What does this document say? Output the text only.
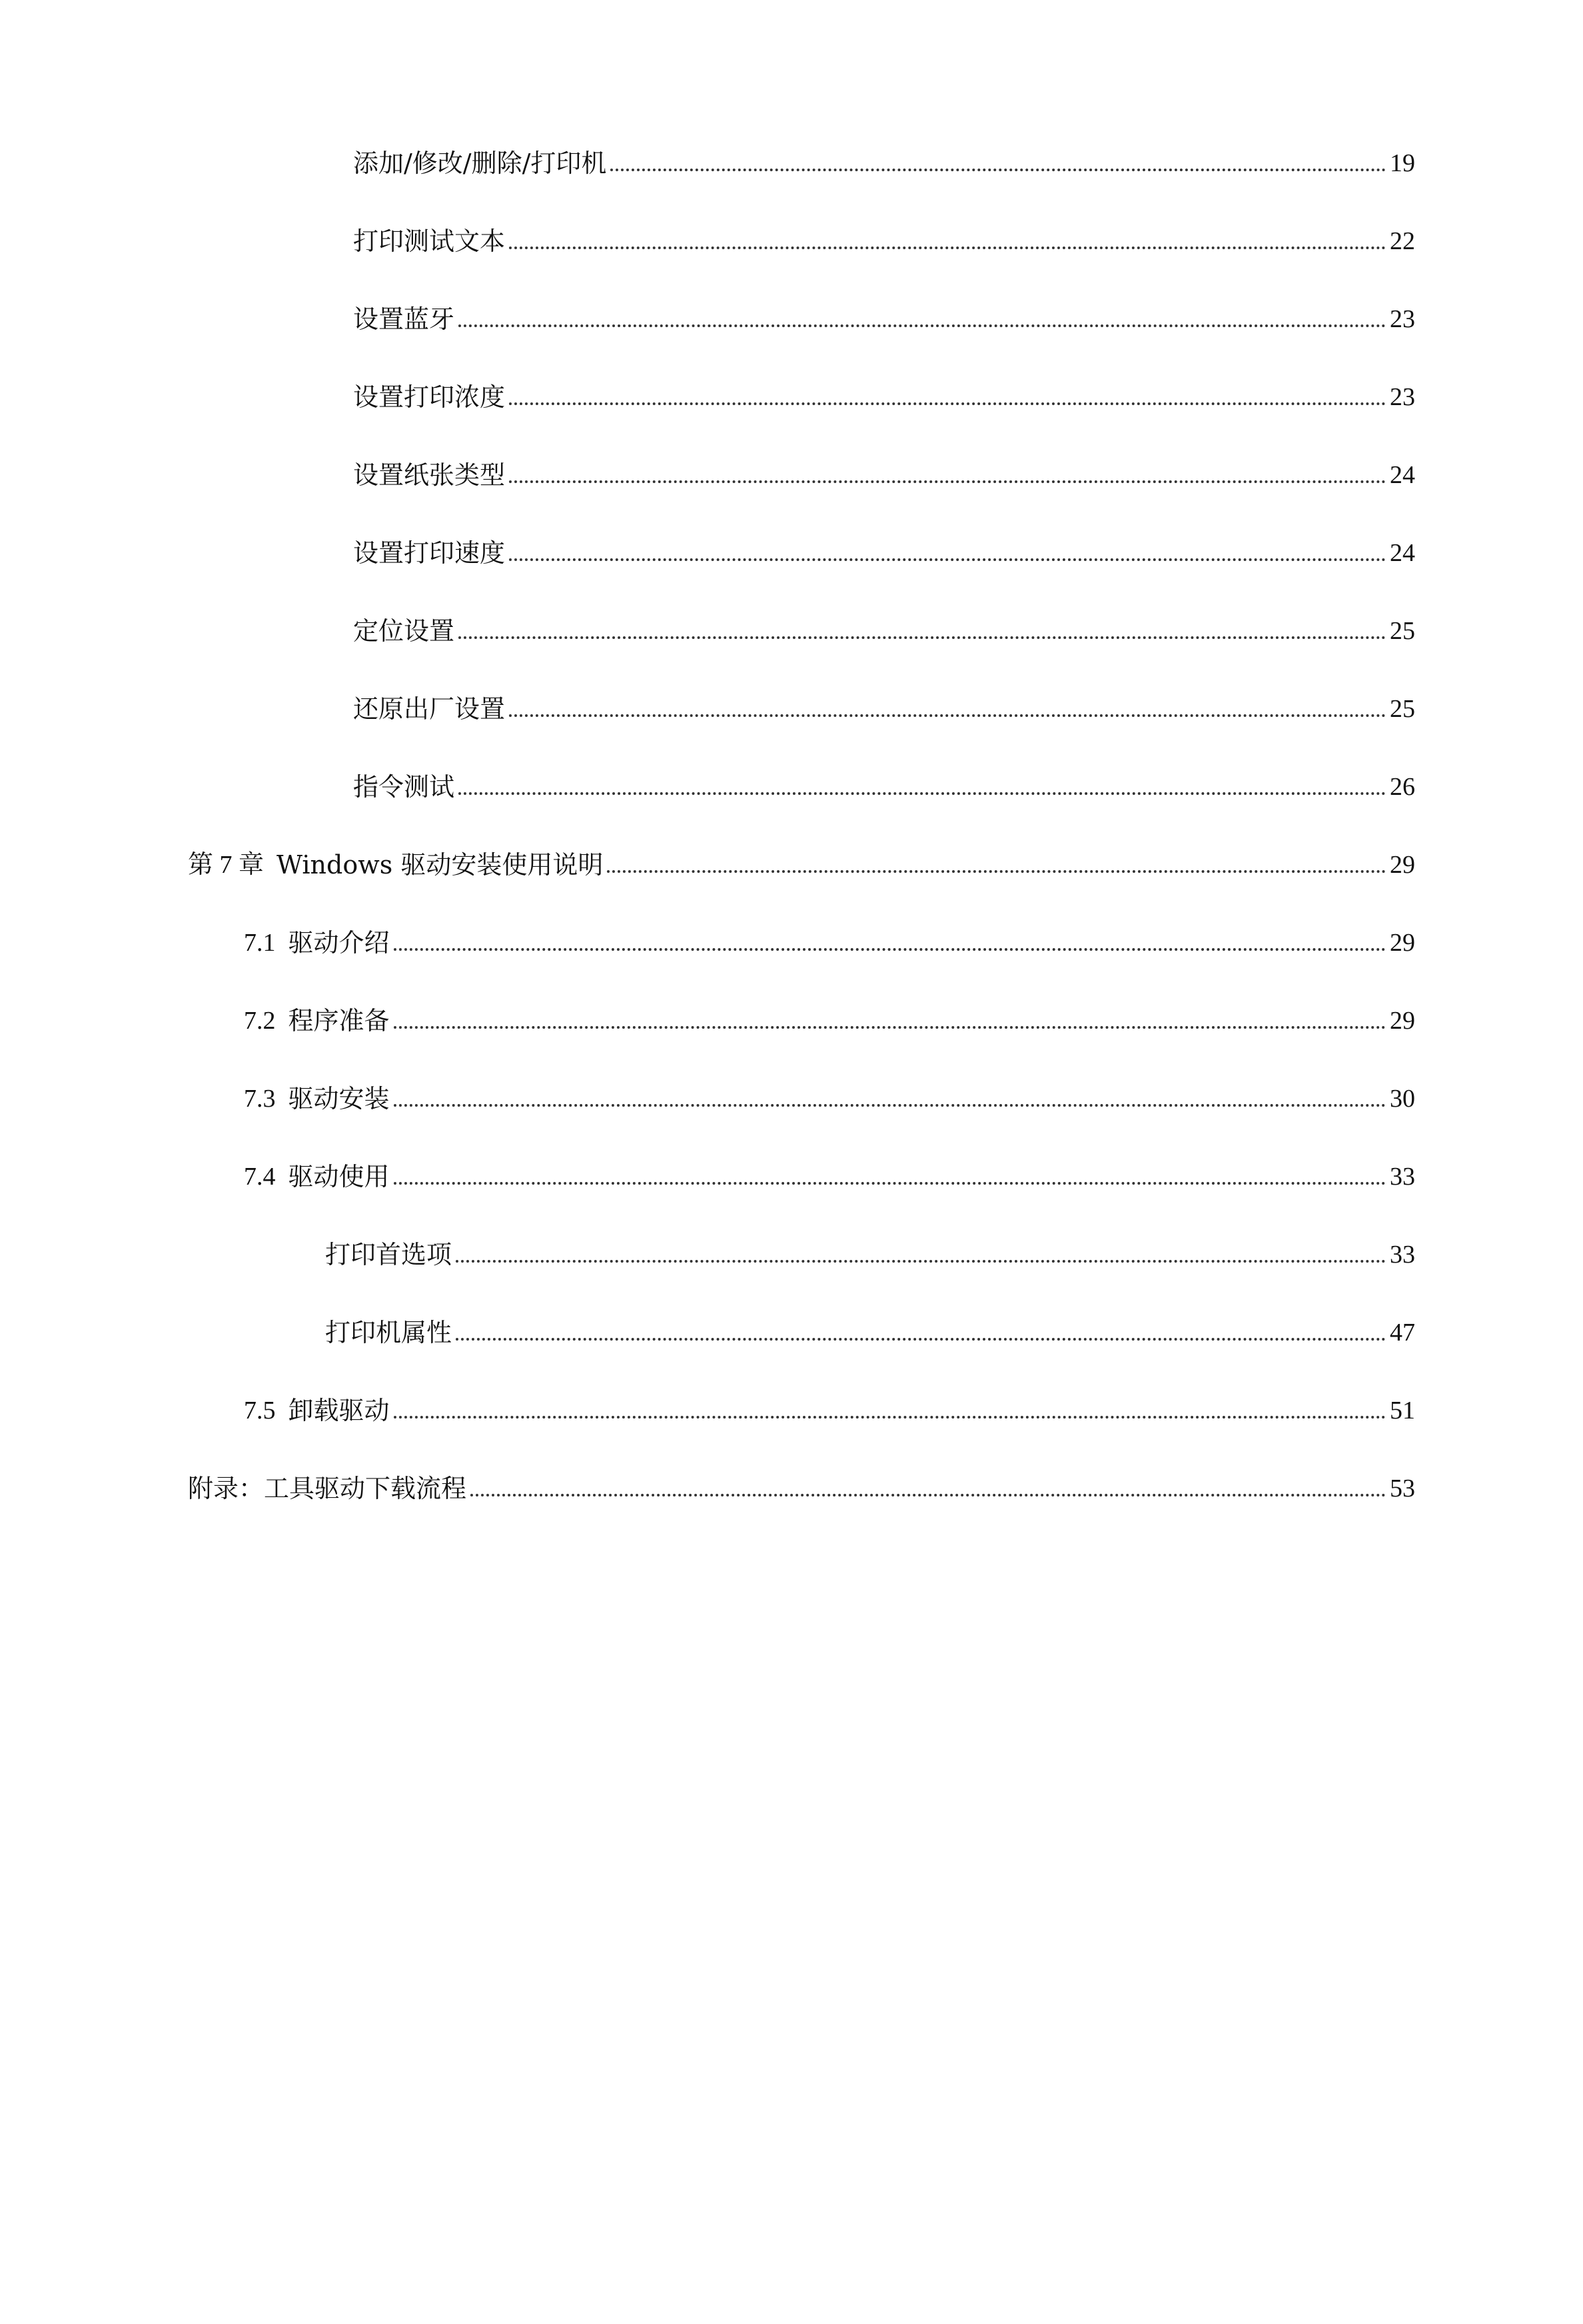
添加/修改/删除/打印机	19
打印测试文本	22
设置蓝牙	23
设置打印浓度	23
设置纸张类型	24
设置打印速度	24
定位设置	25
还原出厂设置	25
指令测试	26
第 7 章 Windows 驱动安装使用说明	29
7.1 驱动介绍	29
7.2 程序准备	29
7.3 驱动安装	30
7.4 驱动使用	33
打印首选项	33
打印机属性	47
7.5 卸载驱动	51
附录：工具驱动下载流程	53
